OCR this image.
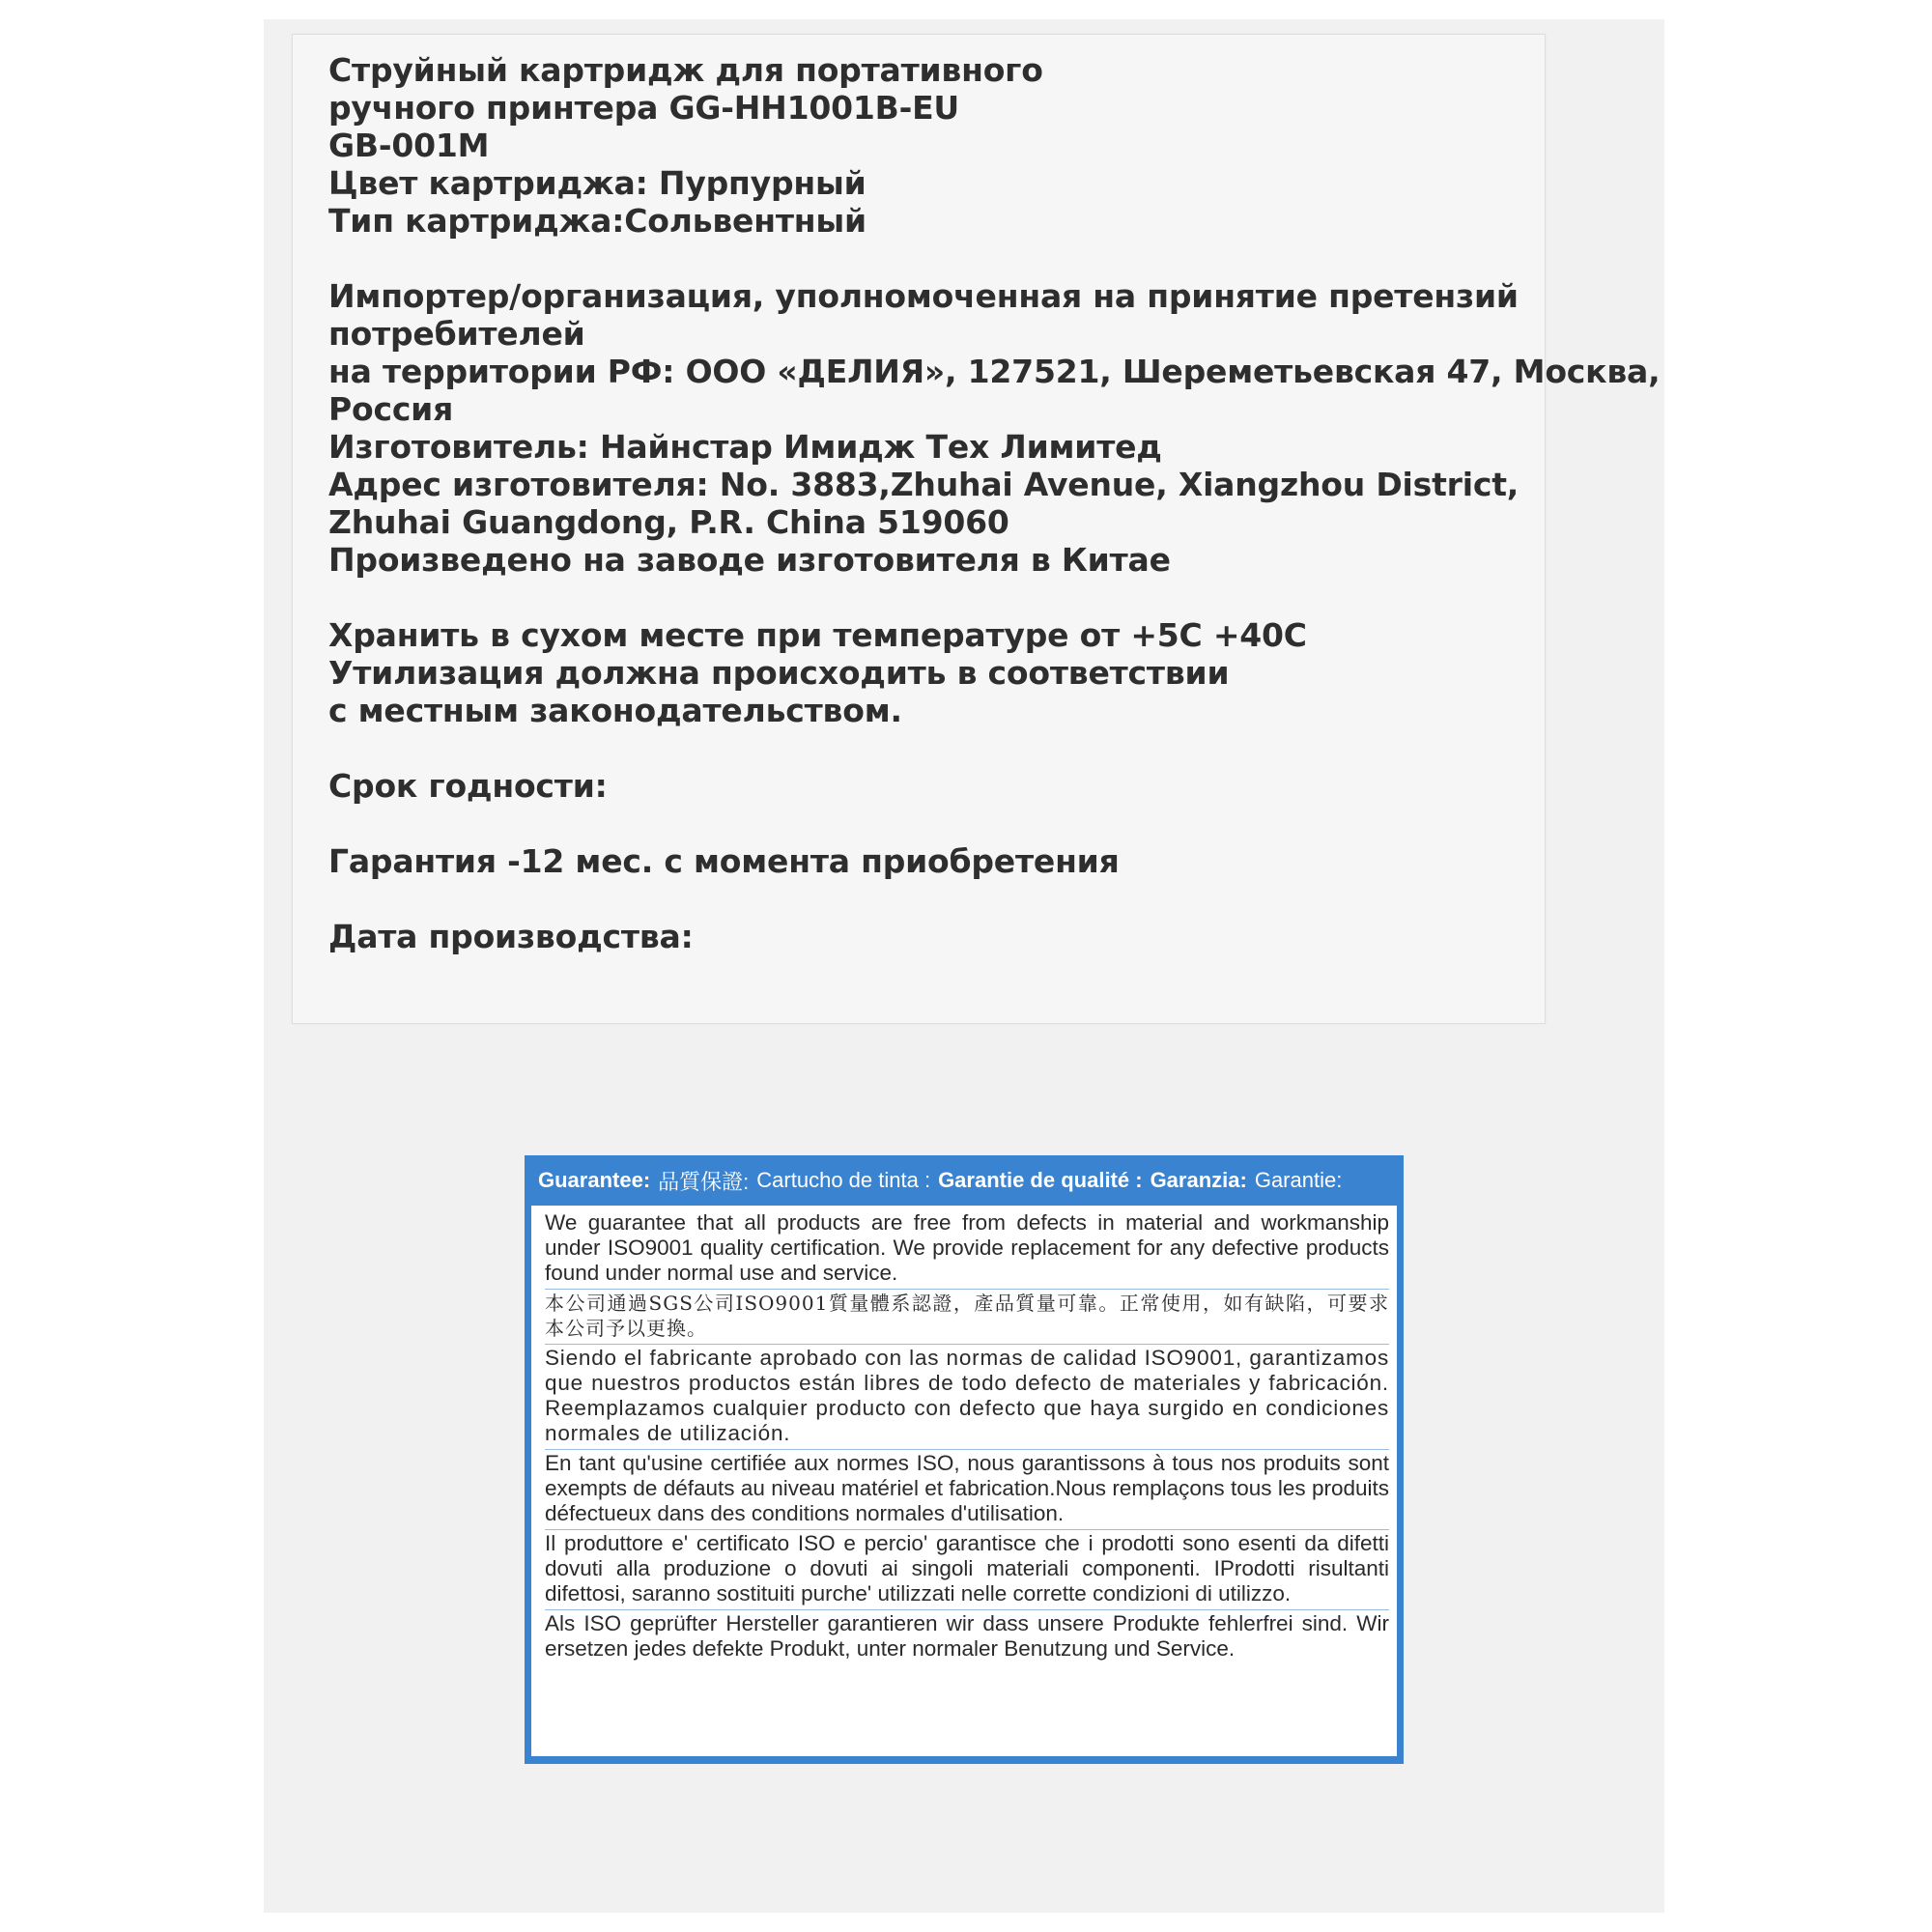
Струйный картридж для портативного
ручного принтера GG-HH1001B-EU
GB-001M
Цвет картриджа: Пурпурный
Тип картриджа:Сольвентный
Импортер/организация, уполномоченная на принятие претензий
потребителей
на территории РФ: ООО «ДЕЛИЯ», 127521, Шереметьевская 47, Москва,
Россия
Изготовитель: Найнстар Имидж Тех Лимитед
Адрес изготовителя: No. 3883,Zhuhai Avenue, Xiangzhou District,
Zhuhai Guangdong, P.R. China 519060
Произведено на заводе изготовителя в Китае
Хранить в сухом месте при температуре от +5C +40C
Утилизация должна происходить в соответствии
с местным законодательством.
Срок годности:
Гарантия -12 мес. с момента приобретения
Дата производства:
Guarantee: 品質保證: Cartucho de tinta : Garantie de qualité : Garanzia: Garantie:
We guarantee that all products are free from defects in material and workmanship under ISO9001 quality certification. We provide replacement for any defective products found under normal use and service.
本公司通過SGS公司ISO9001質量體系認證，產品質量可靠。正常使用，如有缺陷，可要求本公司予以更換。
Siendo el fabricante aprobado con las normas de calidad ISO9001, garantizamos que nuestros productos están libres de todo defecto de materiales y fabricación. Reemplazamos cualquier producto con defecto que haya surgido en condiciones normales de utilización.
En tant qu'usine certifiée aux normes ISO, nous garantissons à tous nos produits sont exempts de défauts au niveau matériel et fabrication.Nous remplaçons tous les produits défectueux dans des conditions normales d'utilisation.
Il produttore e' certificato ISO e percio' garantisce che i prodotti sono esenti da difetti dovuti alla produzione o dovuti ai singoli materiali componenti. IProdotti risultanti difettosi, saranno sostituiti purche' utilizzati nelle corrette condizioni di utilizzo.
Als ISO geprüfter Hersteller garantieren wir dass unsere Produkte fehlerfrei sind. Wir ersetzen jedes defekte Produkt, unter normaler Benutzung und Service.
